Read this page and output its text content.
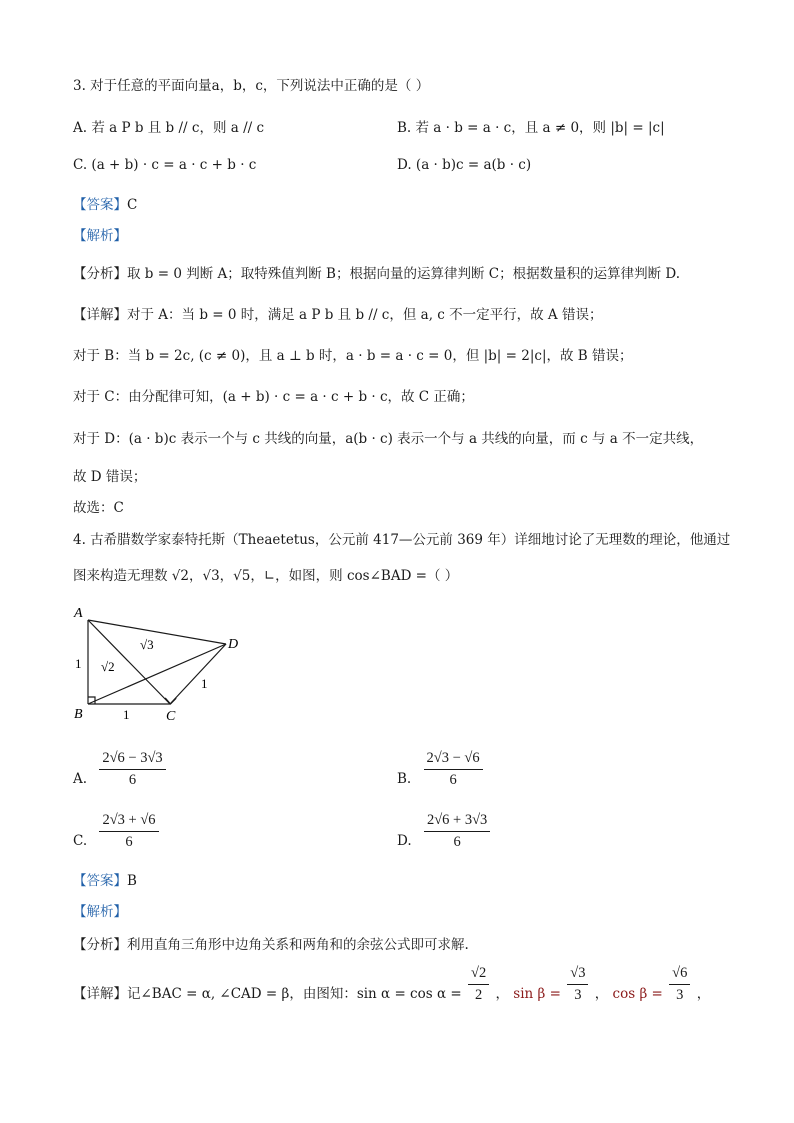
3. 对于任意的平面向量a，b，c，下列说法中正确的是（ ）
A. 若 a P b 且 b // c，则 a // c	B. 若 a · b = a · c，且 a ≠ 0，则 |b| = |c|
C. (a + b) · c = a · c + b · c	D. (a · b)c = a(b · c)
【答案】C
【解析】
【分析】取 b = 0 判断 A；取特殊值判断 B；根据向量的运算律判断 C；根据数量积的运算律判断 D.
【详解】对于 A：当 b = 0 时，满足 a P b 且 b // c，但 a, c 不一定平行，故 A 错误；
对于 B：当 b = 2c, (c ≠ 0)，且 a ⊥ b 时，a · b = a · c = 0，但 |b| = 2|c|，故 B 错误；
对于 C：由分配律可知，(a + b) · c = a · c + b · c，故 C 正确；
对于 D：(a · b)c 表示一个与 c 共线的向量，a(b · c) 表示一个与 a 共线的向量，而 c 与 a 不一定共线，
故 D 错误；
故选：C
4. 古希腊数学家泰特托斯（Theaetetus，公元前 417—公元前 369 年）详细地讨论了无理数的理论，他通过
图来构造无理数 √2，√3，√5，∟，如图，则 cos∠BAD =（ ）
A
B	C
D
1
1
1
√2
√3
A. $\frac{2√6 - 3√3}{6}$	B. $\frac{2√3 - √6}{6}$
C. $\frac{2√3 + √6}{6}$	D. $\frac{2√6 + 3√3}{6}$
【答案】B
【解析】
【分析】利用直角三角形中边角关系和两角和的余弦公式即可求解.
【详解】记∠BAC = α, ∠CAD = β，由图知：$\sin \alpha = \cos \alpha = \frac{√2}{2}$ ， $\sin \beta = \frac{√3}{3}$ ， $\cos \beta = \frac{√6}{3}$ ，
